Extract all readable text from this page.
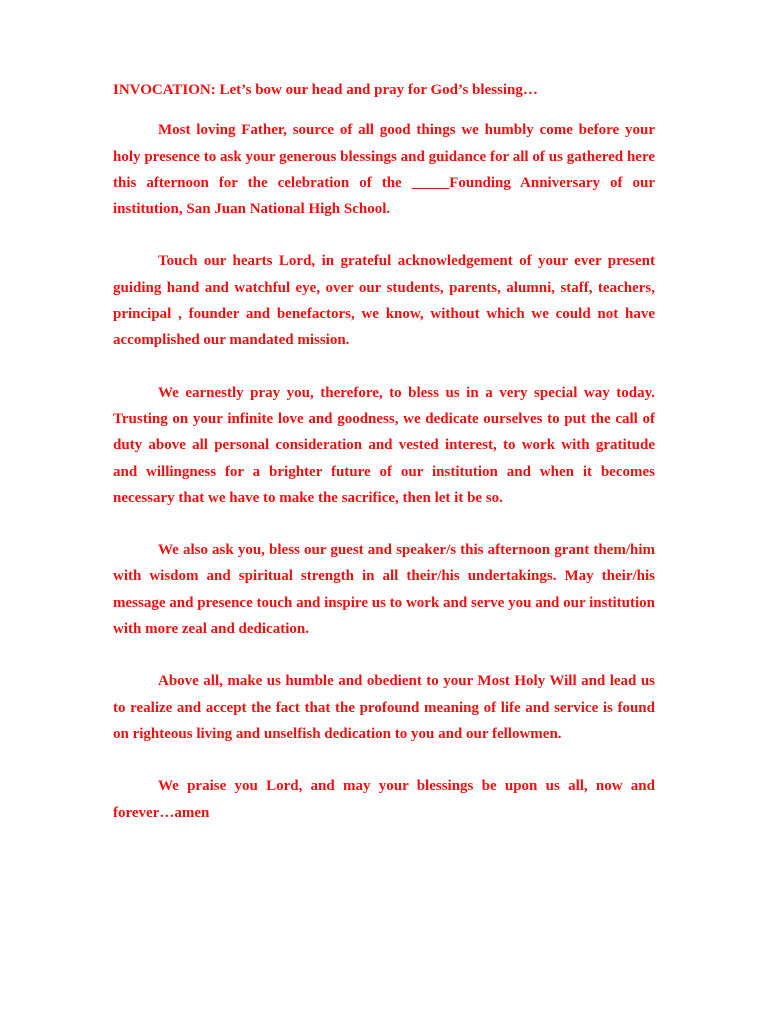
INVOCATION: Let’s bow our head and pray for God’s blessing…

Most loving Father, source of all good things we humbly come before your holy presence to ask your generous blessings and guidance for all of us gathered here this afternoon for the celebration of the _____Founding Anniversary of our institution, San Juan National High School.

Touch our hearts Lord, in grateful acknowledgement of your ever present guiding hand and watchful eye, over our students, parents, alumni, staff, teachers, principal , founder and benefactors, we know, without which we could not have accomplished our mandated mission.

We earnestly pray you, therefore, to bless us in a very special way today. Trusting on your infinite love and goodness, we dedicate ourselves to put the call of duty above all personal consideration and vested interest, to work with gratitude and willingness for a brighter future of our institution and when it becomes necessary that we have to make the sacrifice, then let it be so.

We also ask you, bless our guest and speaker/s this afternoon grant them/him with wisdom and spiritual strength in all their/his undertakings. May their/his message and presence touch and inspire us to work and serve you and our institution with more zeal and dedication.

Above all, make us humble and obedient to your Most Holy Will and lead us to realize and accept the fact that the profound meaning of life and service is found on righteous living and unselfish dedication to you and our fellowmen.

We praise you Lord, and may your blessings be upon us all, now and forever…amen
